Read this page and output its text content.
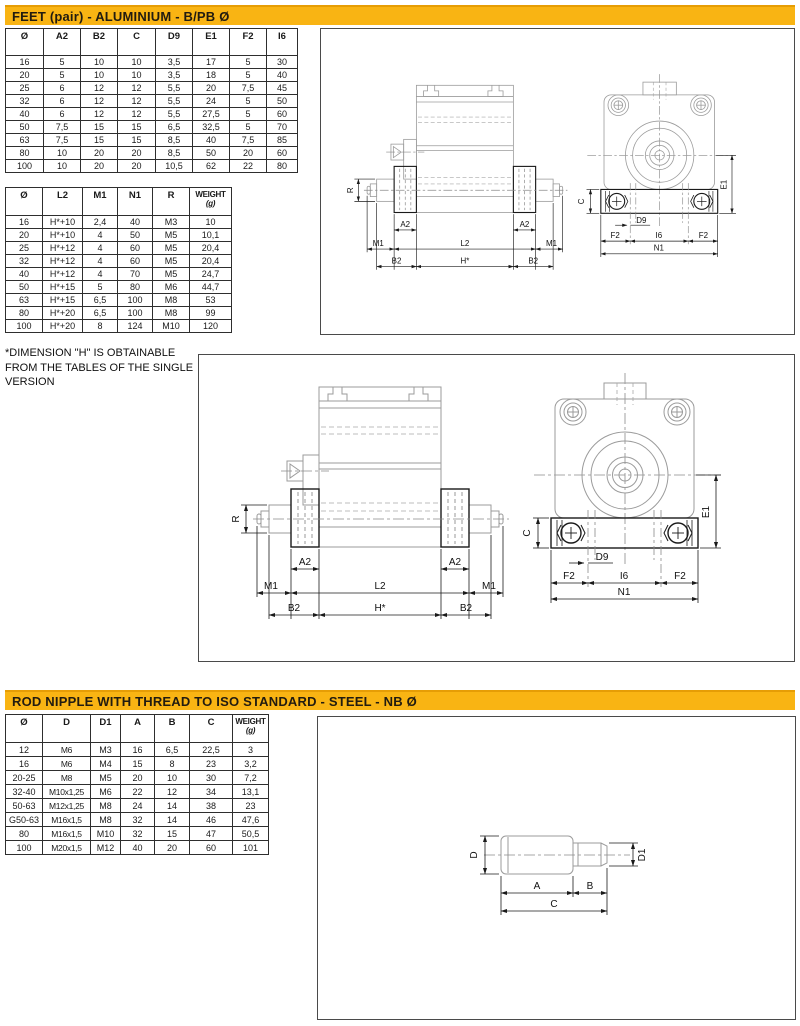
FEET (pair) - ALUMINIUM - B/PB Ø
Ø	A2	B2	C	D9	E1	F2	I6
16	5	10	10	3,5	17	5	30
20	5	10	10	3,5	18	5	40
25	6	12	12	5,5	20	7,5	45
32	6	12	12	5,5	24	5	50
40	6	12	12	5,5	27,5	5	60
50	7,5	15	15	6,5	32,5	5	70
63	7,5	15	15	8,5	40	7,5	85
80	10	20	20	8,5	50	20	60
100	10	20	20	10,5	62	22	80
Ø	L2	M1	N1	R	WEIGHT
(g)

16	H*+10	2,4	40	M3	10
20	H*+10	4	50	M5	10,1
25	H*+12	4	60	M5	20,4
32	H*+12	4	60	M5	20,4
40	H*+12	4	70	M5	24,7
50	H*+15	5	80	M6	44,7
63	H*+15	6,5	100	M8	53
80	H*+20	6,5	100	M8	99
100	H*+20	8	124	M10	120
*DIMENSION "H" IS OBTAINABLE
FROM THE TABLES OF THE SINGLE
VERSION
R
A2	A2
M1	L2	M1
B2	H*	B2
C
E1
D9
F2	I6	F2
N1
ROD NIPPLE WITH THREAD TO ISO STANDARD - STEEL - NB Ø
Ø	D	D1	A	B	C	WEIGHT
(g)

12	M6	M3	16	6,5	22,5	3
16	M6	M4	15	8	23	3,2
20-25	M8	M5	20	10	30	7,2
32-40	M10x1,25	M6	22	12	34	13,1
50-63	M12x1,25	M8	24	14	38	23
G50-63	M16x1,5	M8	32	14	46	47,6
80	M16x1,5	M10	32	15	47	50,5
100	M20x1,5	M12	40	20	60	101
D	D1
A	B
C
